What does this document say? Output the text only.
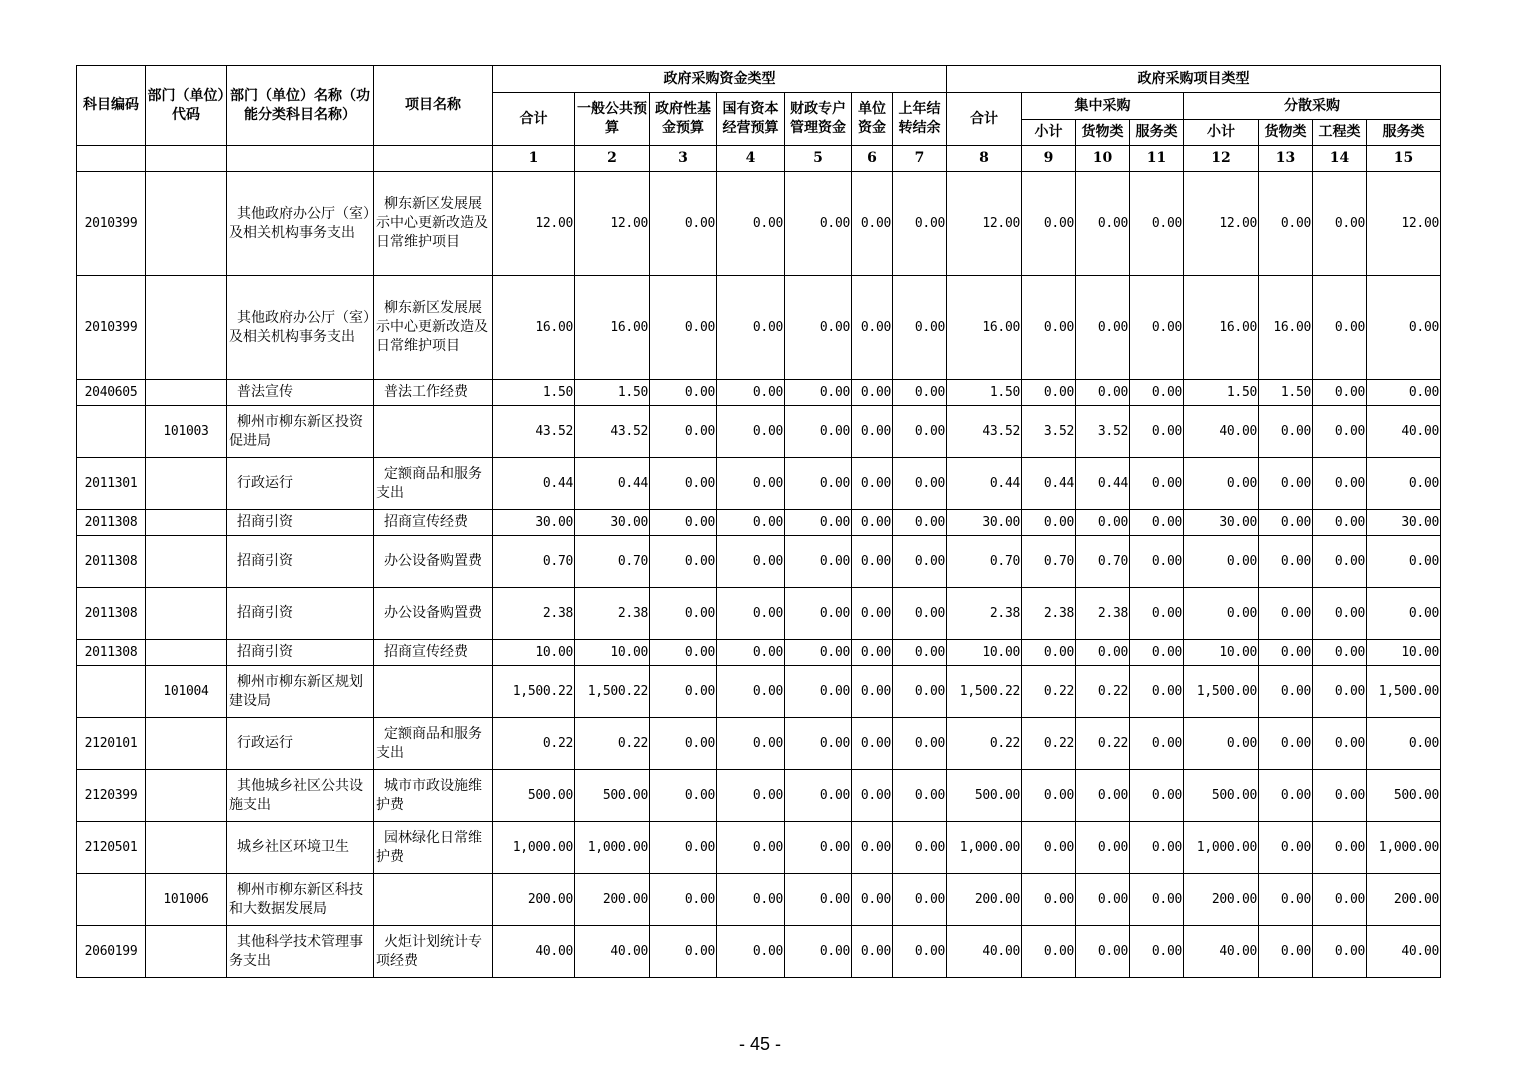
科目编码	部门（单位）代码	部门（单位）名称（功能分类科目名称）	项目名称	政府采购资金类型							政府采购项目类型							
				合计	一般公共预算	政府性基金预算	国有资本经营预算	财政专户管理资金	单位资金	上年结转结余	合计	集中采购			分散采购			
												小计	货物类	服务类	小计	货物类	工程类	服务类
				1	2	3	4	5	6	7	8	9	10	11	12	13	14	15
2010399		其他政府办公厅（室）及相关机构事务支出	柳东新区发展展示中心更新改造及日常维护项目	12.00	12.00	0.00	0.00	0.00	0.00	0.00	12.00	0.00	0.00	0.00	12.00	0.00	0.00	12.00
2010399		其他政府办公厅（室）及相关机构事务支出	柳东新区发展展示中心更新改造及日常维护项目	16.00	16.00	0.00	0.00	0.00	0.00	0.00	16.00	0.00	0.00	0.00	16.00	16.00	0.00	0.00
2040605		普法宣传	普法工作经费	1.50	1.50	0.00	0.00	0.00	0.00	0.00	1.50	0.00	0.00	0.00	1.50	1.50	0.00	0.00
	101003	柳州市柳东新区投资促进局		43.52	43.52	0.00	0.00	0.00	0.00	0.00	43.52	3.52	3.52	0.00	40.00	0.00	0.00	40.00
2011301		行政运行	定额商品和服务支出	0.44	0.44	0.00	0.00	0.00	0.00	0.00	0.44	0.44	0.44	0.00	0.00	0.00	0.00	0.00
2011308		招商引资	招商宣传经费	30.00	30.00	0.00	0.00	0.00	0.00	0.00	30.00	0.00	0.00	0.00	30.00	0.00	0.00	30.00
2011308		招商引资	办公设备购置费	0.70	0.70	0.00	0.00	0.00	0.00	0.00	0.70	0.70	0.70	0.00	0.00	0.00	0.00	0.00
2011308		招商引资	办公设备购置费	2.38	2.38	0.00	0.00	0.00	0.00	0.00	2.38	2.38	2.38	0.00	0.00	0.00	0.00	0.00
2011308		招商引资	招商宣传经费	10.00	10.00	0.00	0.00	0.00	0.00	0.00	10.00	0.00	0.00	0.00	10.00	0.00	0.00	10.00
	101004	柳州市柳东新区规划建设局		1,500.22	1,500.22	0.00	0.00	0.00	0.00	0.00	1,500.22	0.22	0.22	0.00	1,500.00	0.00	0.00	1,500.00
2120101		行政运行	定额商品和服务支出	0.22	0.22	0.00	0.00	0.00	0.00	0.00	0.22	0.22	0.22	0.00	0.00	0.00	0.00	0.00
2120399		其他城乡社区公共设施支出	城市市政设施维护费	500.00	500.00	0.00	0.00	0.00	0.00	0.00	500.00	0.00	0.00	0.00	500.00	0.00	0.00	500.00
2120501		城乡社区环境卫生	园林绿化日常维护费	1,000.00	1,000.00	0.00	0.00	0.00	0.00	0.00	1,000.00	0.00	0.00	0.00	1,000.00	0.00	0.00	1,000.00
	101006	柳州市柳东新区科技和大数据发展局		200.00	200.00	0.00	0.00	0.00	0.00	0.00	200.00	0.00	0.00	0.00	200.00	0.00	0.00	200.00
2060199		其他科学技术管理事务支出	火炬计划统计专项经费	40.00	40.00	0.00	0.00	0.00	0.00	0.00	40.00	0.00	0.00	0.00	40.00	0.00	0.00	40.00
- 45 -
